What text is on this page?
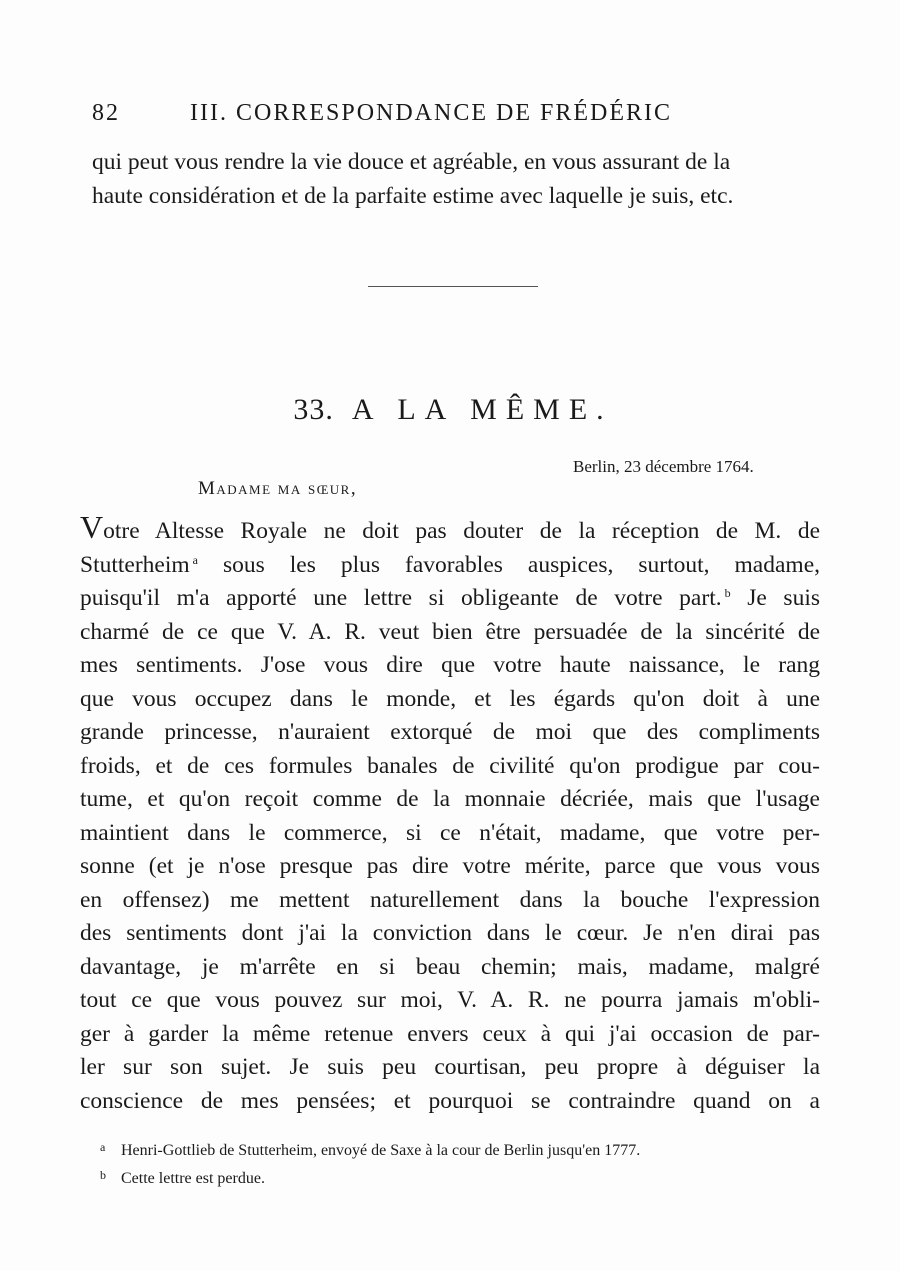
82	III. CORRESPONDANCE DE FRÉDÉRIC
qui peut vous rendre la vie douce et agréable, en vous assurant de la
haute considération et de la parfaite estime avec laquelle je suis, etc.
33. A LA MÊME.
Berlin, 23 décembre 1764.
Madame ma sœur,
Votre Altesse Royale ne doit pas douter de la réception de M. de
Stutterheim $^a$ sous les plus favorables auspices, surtout, madame,
puisqu'il m'a apporté une lettre si obligeante de votre part. $^b$ Je suis
charmé de ce que V. A. R. veut bien être persuadée de la sincérité de
mes sentiments. J'ose vous dire que votre haute naissance, le rang
que vous occupez dans le monde, et les égards qu'on doit à une
grande princesse, n'auraient extorqué de moi que des compliments
froids, et de ces formules banales de civilité qu'on prodigue par cou-
tume, et qu'on reçoit comme de la monnaie décriée, mais que l'usage
maintient dans le commerce, si ce n'était, madame, que votre per-
sonne (et je n'ose presque pas dire votre mérite, parce que vous vous
en offensez) me mettent naturellement dans la bouche l'expression
des sentiments dont j'ai la conviction dans le cœur. Je n'en dirai pas
davantage, je m'arrête en si beau chemin; mais, madame, malgré
tout ce que vous pouvez sur moi, V. A. R. ne pourra jamais m'obli-
ger à garder la même retenue envers ceux à qui j'ai occasion de par-
ler sur son sujet. Je suis peu courtisan, peu propre à déguiser la
conscience de mes pensées; et pourquoi se contraindre quand on a
a Henri-Gottlieb de Stutterheim, envoyé de Saxe à la cour de Berlin jusqu'en 1777.
b Cette lettre est perdue.
